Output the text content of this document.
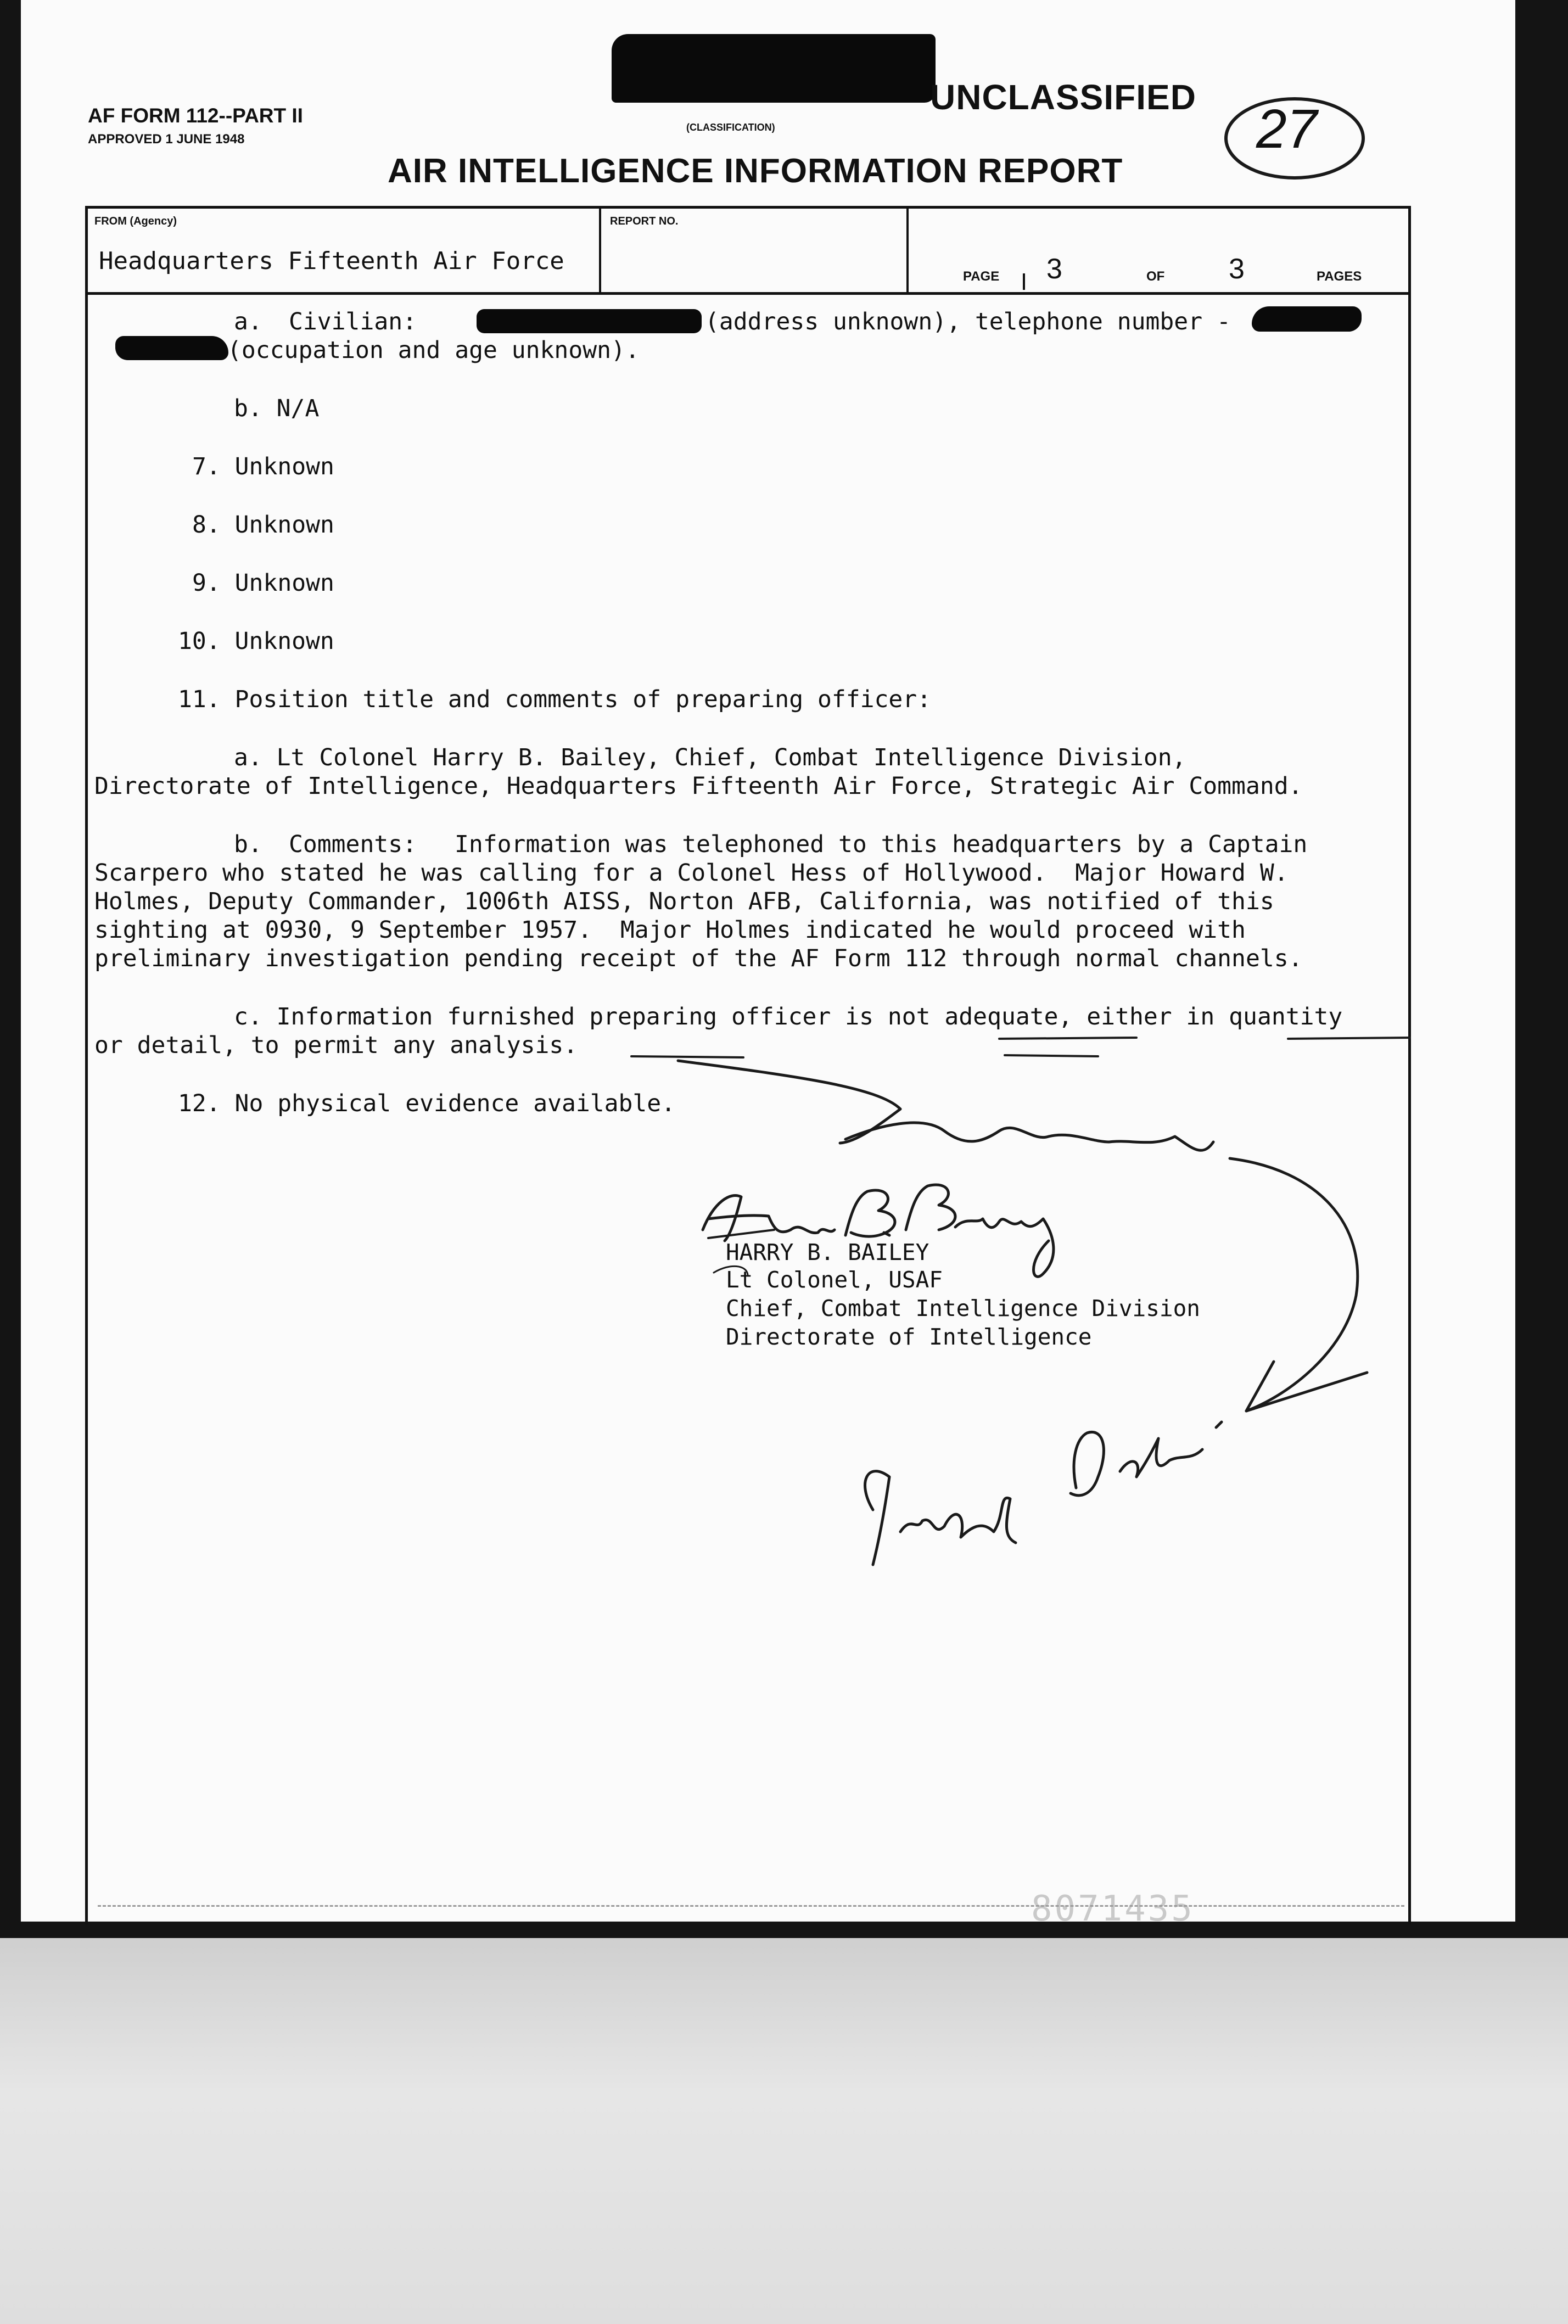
AF FORM 112--PART II
APPROVED 1 JUNE 1948
(CLASSIFICATION)
UNCLASSIFIED
27
AIR INTELLIGENCE INFORMATION REPORT
FROM (Agency)
Headquarters Fifteenth Air Force
REPORT NO.
PAGE 3	OF 3	PAGES
a. Civilian:	(address unknown), telephone number -
(occupation and age unknown).
b. N/A
7. Unknown
8. Unknown
9. Unknown
10. Unknown
11. Position title and comments of preparing officer:
a. Lt Colonel Harry B. Bailey, Chief, Combat Intelligence Division,
Directorate of Intelligence, Headquarters Fifteenth Air Force, Strategic Air Command.
b. Comments: Information was telephoned to this headquarters by a Captain
Scarpero who stated he was calling for a Colonel Hess of Hollywood.  Major Howard W.
Holmes, Deputy Commander, 1006th AISS, Norton AFB, California, was notified of this
sighting at 0930, 9 September 1957.  Major Holmes indicated he would proceed with
preliminary investigation pending receipt of the AF Form 112 through normal channels.
c. Information furnished preparing officer is not adequate, either in quantity
or detail, to permit any analysis.
12. No physical evidence available.
HARRY B. BAILEY
Lt Colonel, USAF
Chief, Combat Intelligence Division
Directorate of Intelligence
8071435
